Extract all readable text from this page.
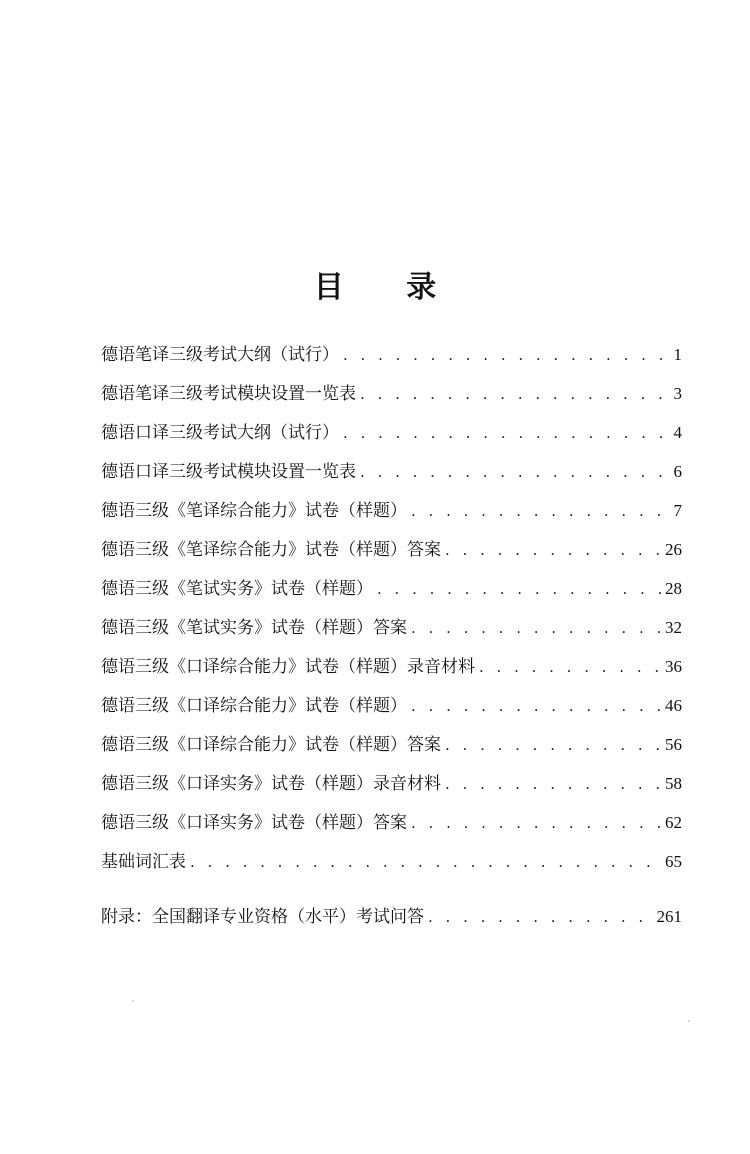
目 录
德语笔译三级考试大纲（试行） . . .	1
德语笔译三级考试模块设置一览表 . . .	3
德语口译三级考试大纲（试行） . . .	4
德语口译三级考试模块设置一览表 . . .	6
德语三级《笔译综合能力》试卷（样题） . . .	7
德语三级《笔译综合能力》试卷（样题）答案 . . .	26
德语三级《笔试实务》试卷（样题） . . .	28
德语三级《笔试实务》试卷（样题）答案 . . .	32
德语三级《口译综合能力》试卷（样题）录音材料 . . .	36
德语三级《口译综合能力》试卷（样题） . . .	46
德语三级《口译综合能力》试卷（样题）答案 . . .	56
德语三级《口译实务》试卷（样题）录音材料 . . .	58
德语三级《口译实务》试卷（样题）答案 . . .	62
基础词汇表 . . .	65
附录：全国翻译专业资格（水平）考试问答 . . .	261
